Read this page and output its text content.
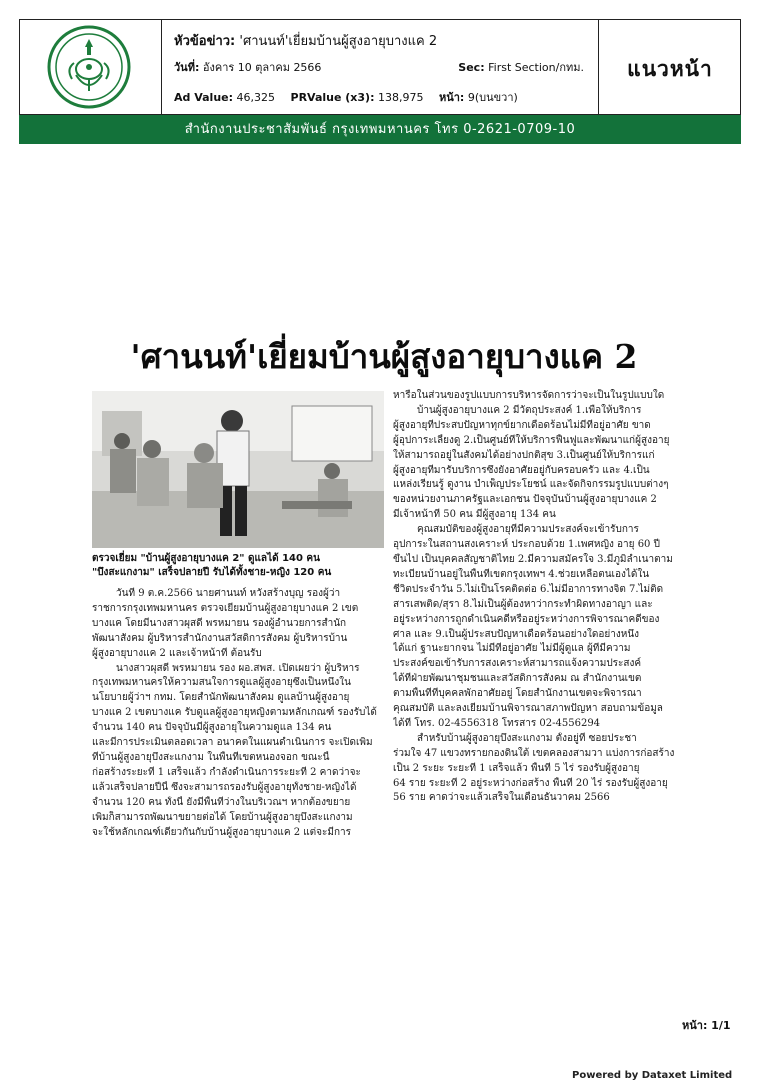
หัวข้อข่าว: 'ศานนท์'เยี่ยมบ้านผู้สูงอายุบางแค 2
วันที่: อังคาร 10 ตุลาคม 2566	Sec: First Section/กทม.
Ad Value: 46,325 PRValue (x3): 138,975 หน้า: 9(บนขวา)
แนวหน้า
สำนักงานประชาสัมพันธ์ กรุงเทพมหานคร โทร 0-2621-0709-10
'ศานนท์'เยี่ยมบ้านผู้สูงอายุบางแค 2
ตรวจเยี่ยม "บ้านผู้สูงอายุบางแค 2" ดูแลได้ 140 คน
"บึงสะแกงาม" เสร็จปลายปี รับได้ทั้งชาย-หญิง 120 คน
วันที่ 9 ต.ค.2566 นายศานนท์ หวังสร้างบุญ รองผู้ว่า
ราชการกรุงเทพมหานคร ตรวจเยี่ยมบ้านผู้สูงอายุบางแค 2 เขต
บางแค โดยมีนางสาวผุสดี พรหมายน รองผู้อำนวยการสำนัก
พัฒนาสังคม ผู้บริหารสำนักงานสวัสดิการสังคม ผู้บริหารบ้าน
ผู้สูงอายุบางแค 2 และเจ้าหน้าที่ ต้อนรับ
นางสาวผุสดี พรหมายน รอง ผอ.สพส. เปิดเผยว่า ผู้บริหาร
กรุงเทพมหานครให้ความสนใจการดูแลผู้สูงอายุซึ่งเป็นหนึ่งใน
นโยบายผู้ว่าฯ กทม. โดยสำนักพัฒนาสังคม ดูแลบ้านผู้สูงอายุ
บางแค 2 เขตบางแค รับดูแลผู้สูงอายุหญิงตามหลักเกณฑ์ รองรับได้
จำนวน 140 คน ปัจจุบันมีผู้สูงอายุในความดูแล 134 คน
และมีการประเมินตลอดเวลา อนาคตในแผนดำเนินการ จะเปิดเพิ่ม
ที่บ้านผู้สูงอายุบึงสะแกงาม ในพื้นที่เขตหนองจอก ขณะนี้
ก่อสร้างระยะที่ 1 เสร็จแล้ว กำลังดำเนินการระยะที่ 2 คาดว่าจะ
แล้วเสร็จปลายปีนี้ ซึ่งจะสามารถรองรับผู้สูงอายุทั้งชาย-หญิงได้
จำนวน 120 คน ทั้งนี้ ยังมีพื้นที่ว่างในบริเวณฯ หากต้องขยาย
เพิ่มก็สามารถพัฒนาขยายต่อได้ โดยบ้านผู้สูงอายุบึงสะแกงาม
จะใช้หลักเกณฑ์เดียวกันกับบ้านผู้สูงอายุบางแค 2 แต่จะมีการ
หารือในส่วนของรูปแบบการบริหารจัดการว่าจะเป็นในรูปแบบใด
บ้านผู้สูงอายุบางแค 2 มีวัตถุประสงค์ 1.เพื่อให้บริการ
ผู้สูงอายุที่ประสบปัญหาทุกข์ยากเดือดร้อนไม่มีที่อยู่อาศัย ขาด
ผู้อุปการะเลี้ยงดู 2.เป็นศูนย์ที่ให้บริการฟื้นฟูและพัฒนาแก่ผู้สูงอายุ
ให้สามารถอยู่ในสังคมได้อย่างปกติสุข 3.เป็นศูนย์ให้บริการแก่
ผู้สูงอายุที่มารับบริการซึ่งยังอาศัยอยู่กับครอบครัว และ 4.เป็น
แหล่งเรียนรู้ ดูงาน บำเพ็ญประโยชน์ และจัดกิจกรรมรูปแบบต่างๆ
ของหน่วยงานภาครัฐและเอกชน ปัจจุบันบ้านผู้สูงอายุบางแค 2
มีเจ้าหน้าที่ 50 คน มีผู้สูงอายุ 134 คน
คุณสมบัติของผู้สูงอายุที่มีความประสงค์จะเข้ารับการ
อุปการะในสถานสงเคราะห์ ประกอบด้วย 1.เพศหญิง อายุ 60 ปี
ขึ้นไป เป็นบุคคลสัญชาติไทย 2.มีความสมัครใจ 3.มีภูมิลำเนาตาม
ทะเบียนบ้านอยู่ในพื้นที่เขตกรุงเทพฯ 4.ช่วยเหลือตนเองได้ใน
ชีวิตประจำวัน 5.ไม่เป็นโรคติดต่อ 6.ไม่มีอาการทางจิต 7.ไม่ติด
สารเสพติด/สุรา 8.ไม่เป็นผู้ต้องหาว่ากระทำผิดทางอาญา และ
อยู่ระหว่างการถูกดำเนินคดีหรืออยู่ระหว่างการพิจารณาคดีของ
ศาล และ 9.เป็นผู้ประสบปัญหาเดือดร้อนอย่างใดอย่างหนึ่ง
ได้แก่ ฐานะยากจน ไม่มีที่อยู่อาศัย ไม่มีผู้ดูแล ผู้ที่มีความ
ประสงค์ขอเข้ารับการสงเคราะห์สามารถแจ้งความประสงค์
ได้ที่ฝ่ายพัฒนาชุมชนและสวัสดิการสังคม ณ สำนักงานเขต
ตามพื้นที่ที่บุคคลพักอาศัยอยู่ โดยสำนักงานเขตจะพิจารณา
คุณสมบัติ และลงเยี่ยมบ้านพิจารณาสภาพปัญหา สอบถามข้อมูล
ได้ที่ โทร. 02-4556318 โทรสาร 02-4556294
สำหรับบ้านผู้สูงอายุบึงสะแกงาม ตั้งอยู่ที่ ซอยประชา
ร่วมใจ 47 แขวงทรายกองดินใต้ เขตคลองสามวา แบ่งการก่อสร้าง
เป็น 2 ระยะ ระยะที่ 1 เสร็จแล้ว พื้นที่ 5 ไร่ รองรับผู้สูงอายุ
64 ราย ระยะที่ 2 อยู่ระหว่างก่อสร้าง พื้นที่ 20 ไร่ รองรับผู้สูงอายุ
56 ราย คาดว่าจะแล้วเสร็จในเดือนธันวาคม 2566
หน้า: 1/1
Powered by Dataxet Limited
